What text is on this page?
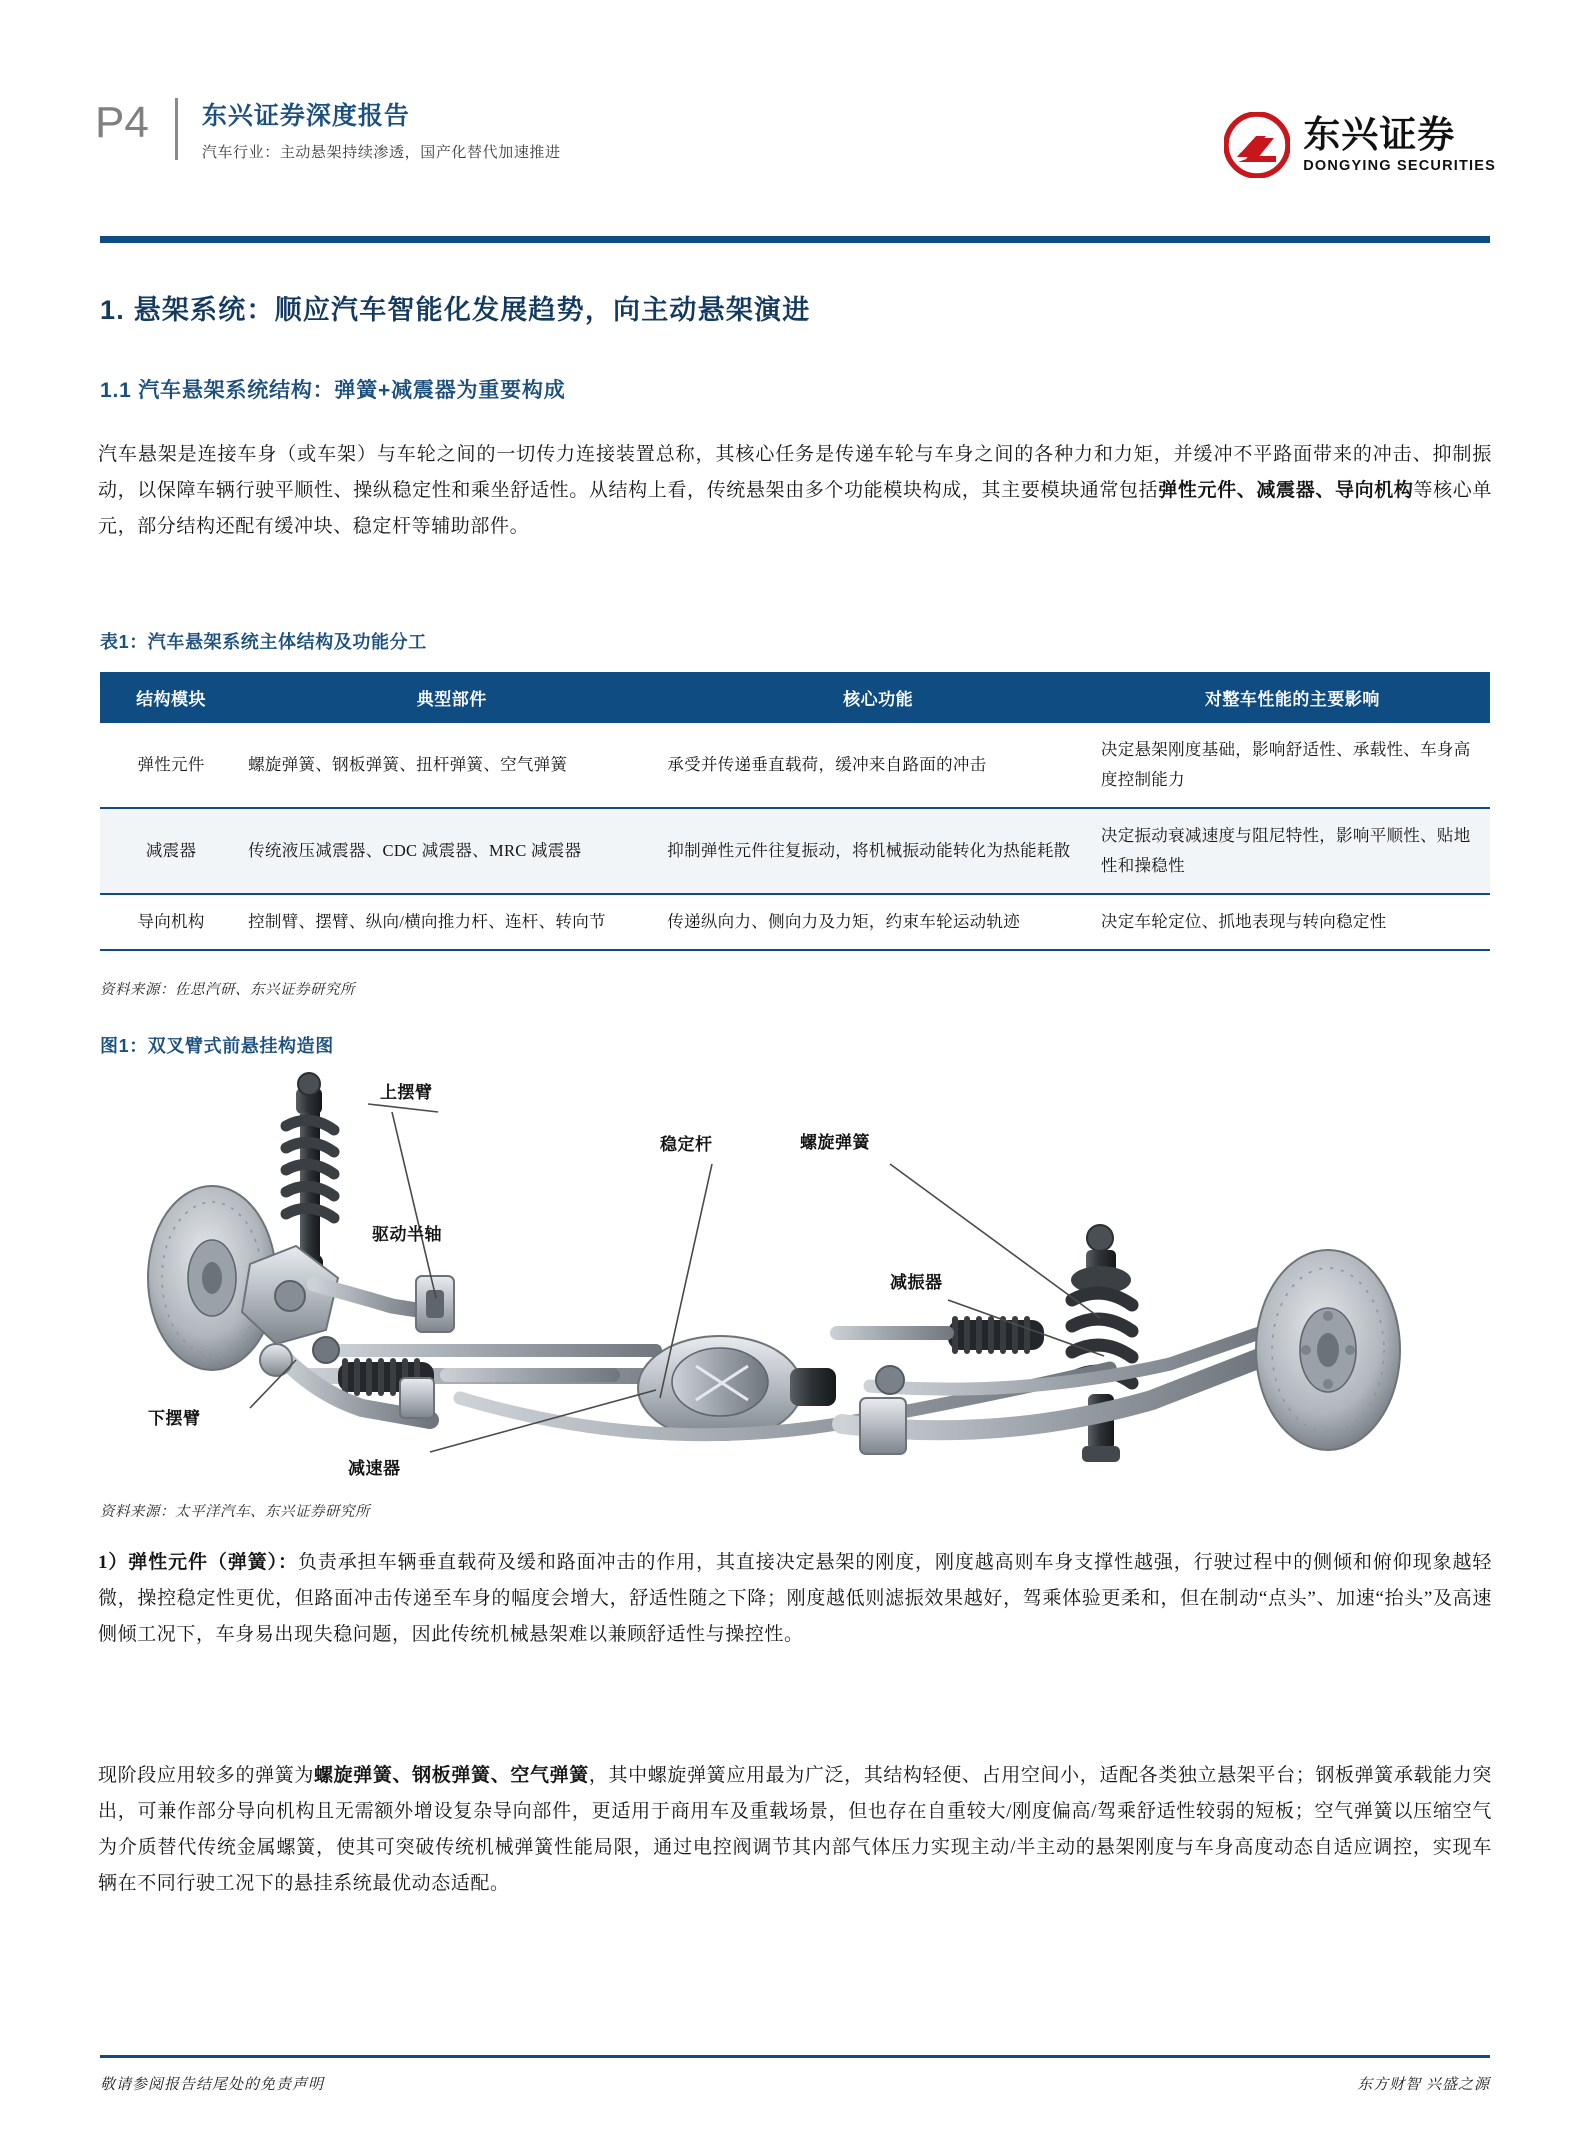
P4	东兴证券深度报告
汽车行业：主动悬架持续渗透，国产化替代加速推进	东兴证券
DONGYING SECURITIES
1. 悬架系统：顺应汽车智能化发展趋势，向主动悬架演进
1.1 汽车悬架系统结构：弹簧+减震器为重要构成
汽车悬架是连接车身（或车架）与车轮之间的一切传力连接装置总称，其核心任务是传递车轮与车身之间的各种力和力矩，并缓冲不平路面带来的冲击、抑制振动，以保障车辆行驶平顺性、操纵稳定性和乘坐舒适性。从结构上看，传统悬架由多个功能模块构成，其主要模块通常包括弹性元件、减震器、导向机构等核心单元，部分结构还配有缓冲块、稳定杆等辅助部件。
表1：汽车悬架系统主体结构及功能分工
结构模块	典型部件	核心功能	对整车性能的主要影响
弹性元件	螺旋弹簧、钢板弹簧、扭杆弹簧、空气弹簧	承受并传递垂直载荷，缓冲来自路面的冲击	决定悬架刚度基础，影响舒适性、承载性、车身高度控制能力
减震器	传统液压减震器、CDC 减震器、MRC 减震器	抑制弹性元件往复振动，将机械振动能转化为热能耗散	决定振动衰减速度与阻尼特性，影响平顺性、贴地性和操稳性
导向机构	控制臂、摆臂、纵向/横向推力杆、连杆、转向节	传递纵向力、侧向力及力矩，约束车轮运动轨迹	决定车轮定位、抓地表现与转向稳定性
资料来源：佐思汽研、东兴证券研究所
图1：双叉臂式前悬挂构造图
上摆臂
稳定杆	螺旋弹簧
驱动半轴
减振器
下摆臂
减速器
资料来源：太平洋汽车、东兴证券研究所
1）弹性元件（弹簧）：负责承担车辆垂直载荷及缓和路面冲击的作用，其直接决定悬架的刚度，刚度越高则车身支撑性越强，行驶过程中的侧倾和俯仰现象越轻微，操控稳定性更优，但路面冲击传递至车身的幅度会增大，舒适性随之下降；刚度越低则滤振效果越好，驾乘体验更柔和，但在制动“点头”、加速“抬头”及高速侧倾工况下，车身易出现失稳问题，因此传统机械悬架难以兼顾舒适性与操控性。
现阶段应用较多的弹簧为螺旋弹簧、钢板弹簧、空气弹簧，其中螺旋弹簧应用最为广泛，其结构轻便、占用空间小，适配各类独立悬架平台；钢板弹簧承载能力突出，可兼作部分导向机构且无需额外增设复杂导向部件，更适用于商用车及重载场景，但也存在自重较大/刚度偏高/驾乘舒适性较弱的短板；空气弹簧以压缩空气为介质替代传统金属螺簧，使其可突破传统机械弹簧性能局限，通过电控阀调节其内部气体压力实现主动/半主动的悬架刚度与车身高度动态自适应调控，实现车辆在不同行驶工况下的悬挂系统最优动态适配。
敬请参阅报告结尾处的免责声明	东方财智 兴盛之源
